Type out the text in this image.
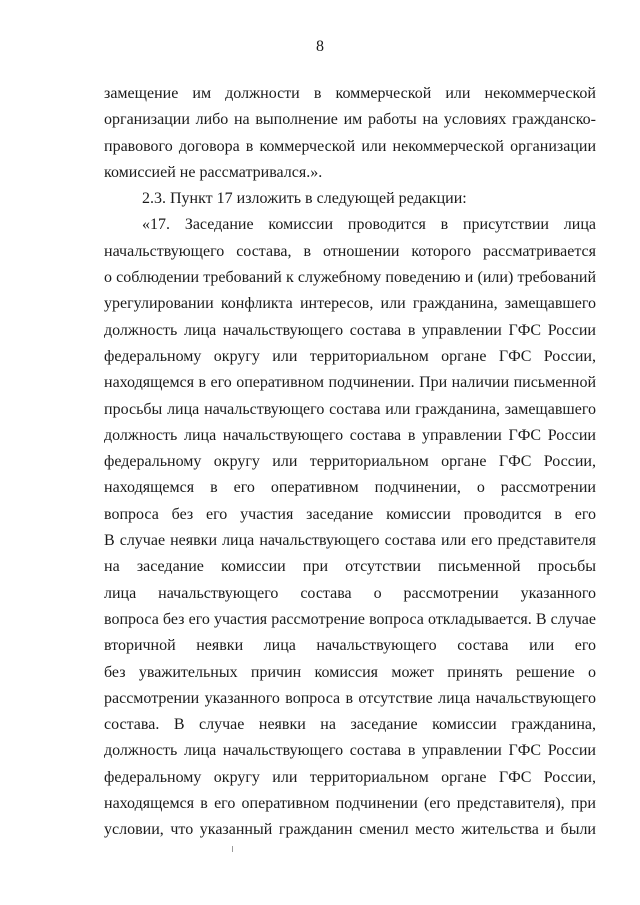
8
замещение им должности в коммерческой или некоммерческой
организации либо на выполнение им работы на условиях гражданско-
правового договора в коммерческой или некоммерческой организации
комиссией не рассматривался.».
2.3. Пункт 17 изложить в следующей редакции:
«17. Заседание комиссии проводится в присутствии лица
начальствующего состава, в отношении которого рассматривается
о соблюдении требований к служебному поведению и (или) требований
урегулировании конфликта интересов, или гражданина, замещавшего
должность лица начальствующего состава в управлении ГФС России
федеральному округу или территориальном органе ГФС России,
находящемся в его оперативном подчинении. При наличии письменной
просьбы лица начальствующего состава или гражданина, замещавшего
должность лица начальствующего состава в управлении ГФС России
федеральному округу или территориальном органе ГФС России,
находящемся в его оперативном подчинении, о рассмотрении
вопроса без его участия заседание комиссии проводится в его
В случае неявки лица начальствующего состава или его представителя
на заседание комиссии при отсутствии письменной просьбы
лица начальствующего состава о рассмотрении указанного
вопроса без его участия рассмотрение вопроса откладывается. В случае
вторичной неявки лица начальствующего состава или его
без уважительных причин комиссия может принять решение о
рассмотрении указанного вопроса в отсутствие лица начальствующего
состава. В случае неявки на заседание комиссии гражданина,
должность лица начальствующего состава в управлении ГФС России
федеральному округу или территориальном органе ГФС России,
находящемся в его оперативном подчинении (его представителя), при
условии, что указанный гражданин сменил место жительства и были
